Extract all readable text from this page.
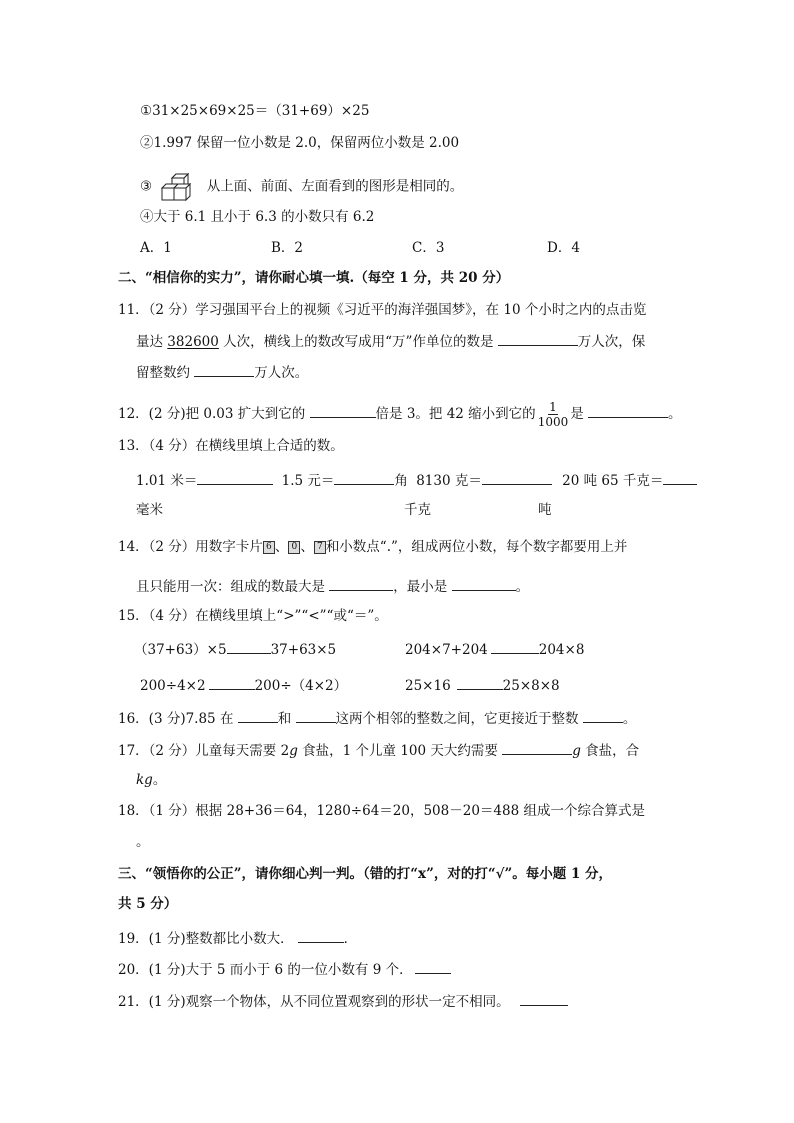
①31×25×69×25＝（31+69）×25
②1.997 保留一位小数是 2.0，保留两位小数是 2.00
③	从上面、前面、左面看到的图形是相同的。
④大于 6.1 且小于 6.3 的小数只有 6.2
A．1	B．2	C．3	D．4
二、“相信你的实力”，请你耐心填一填.（每空 1 分，共 20 分）
11．（2 分）学习强国平台上的视频《习近平的海洋强国梦》，在 10 个小时之内的点击览
量达 382600 人次，横线上的数改写成用“万”作单位的数是	万人次，保
留整数约	万人次。
12．(2 分)把 0.03 扩大到它的	倍是 3。把 42 缩小到它的 $\frac{1}{1000}$ 是	。
13．（4 分）在横线里填上合适的数。
1.01 米＝	1.5 元＝	角 8130 克＝	20 吨 65 千克＝
毫米	千克	吨
14．（2 分）用数字卡片 6 、 0 、 7 和小数点“.”，组成两位小数，每个数字都要用上并
且只能用一次：组成的数最大是	，最小是	。
15．（4 分）在横线里填上“>”“<”“或“＝”。
（37+63）×5	37+63×5	204×7+204	204×8
200÷4×2	200÷（4×2）	25×16	25×8×8
16．(3 分)7.85 在	和	这两个相邻的整数之间，它更接近于整数	。
17．（2 分）儿童每天需要 2g 食盐，1 个儿童 100 天大约需要	g 食盐，合
kg。
18．（1 分）根据 28+36＝64，1280÷64＝20，508－20＝488 组成一个综合算式是
。
三、“领悟你的公正”，请你细心判一判。（错的打“x”，对的打“√”。每小题 1 分，
共 5 分）
19．(1 分)整数都比小数大．	．
20．(1 分)大于 5 而小于 6 的一位小数有 9 个．
21．(1 分)观察一个物体，从不同位置观察到的形状一定不相同。
